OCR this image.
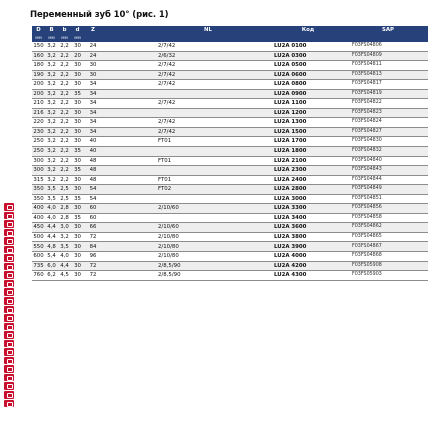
Переменный зуб 10° (рис. 1)
D	B	b	d	Z		NL	Код	SAP
мм	мм	мм	мм					
150	3,2	2,2	30	24		2/7/42	LU2A 0100	F03FS04806
160	3,2	2,2	20	24		2/6/32	LU2A 0300	F03FS04809
180	3,2	2,2	30	30		2/7/42	LU2A 0500	F03FS04811
190	3,2	2,2	30	30		2/7/42	LU2A 0600	F03FS04813
200	3,2	2,2	30	34		2/7/42	LU2A 0800	F03FS04817
200	3,2	2,2	35	34			LU2A 0900	F03FS04819
210	3,2	2,2	30	34		2/7/42	LU2A 1100	F03FS04822
216	3,2	2,2	30	34			LU2A 1200	F03FS04823
220	3,2	2,2	30	34		2/7/42	LU2A 1300	F03FS04824
230	3,2	2,2	30	34		2/7/42	LU2A 1500	F03FS04827
250	3,2	2,2	30	40		FT01	LU2A 1700	F03FS04830
250	3,2	2,2	35	40			LU2A 1800	F03FS04832
300	3,2	2,2	30	48		FT01	LU2A 2100	F03FS04840
300	3,2	2,2	35	48			LU2A 2300	F03FS04843
315	3,2	2,2	30	48		FT01	LU2A 2400	F03FS04844
350	3,5	2,5	30	54		FT02	LU2A 2800	F03FS04849
350	3,5	2,5	35	54			LU2A 3000	F03FS04851
400	4,0	2,8	30	60		2/10/60	LU2A 3300	F03FS04856
400	4,0	2,8	35	60			LU2A 3400	F03FS04858
450	4,4	3,0	30	66		2/10/60	LU2A 3600	F03FS04862
500	4,4	3,2	30	72		2/10/80	LU2A 3800	F03FS04865
550	4,8	3,5	30	84		2/10/80	LU2A 3900	F03FS04867
600	5,4	4,0	30	96		2/10/80	LU2A 4000	F03FS04868
735	6,0	4,4	30	72		2/8,5/90	LU2A 4200	F03FS05908
760	6,2	4,5	30	72		2/8,5/90	LU2A 4300	F03FS05903
